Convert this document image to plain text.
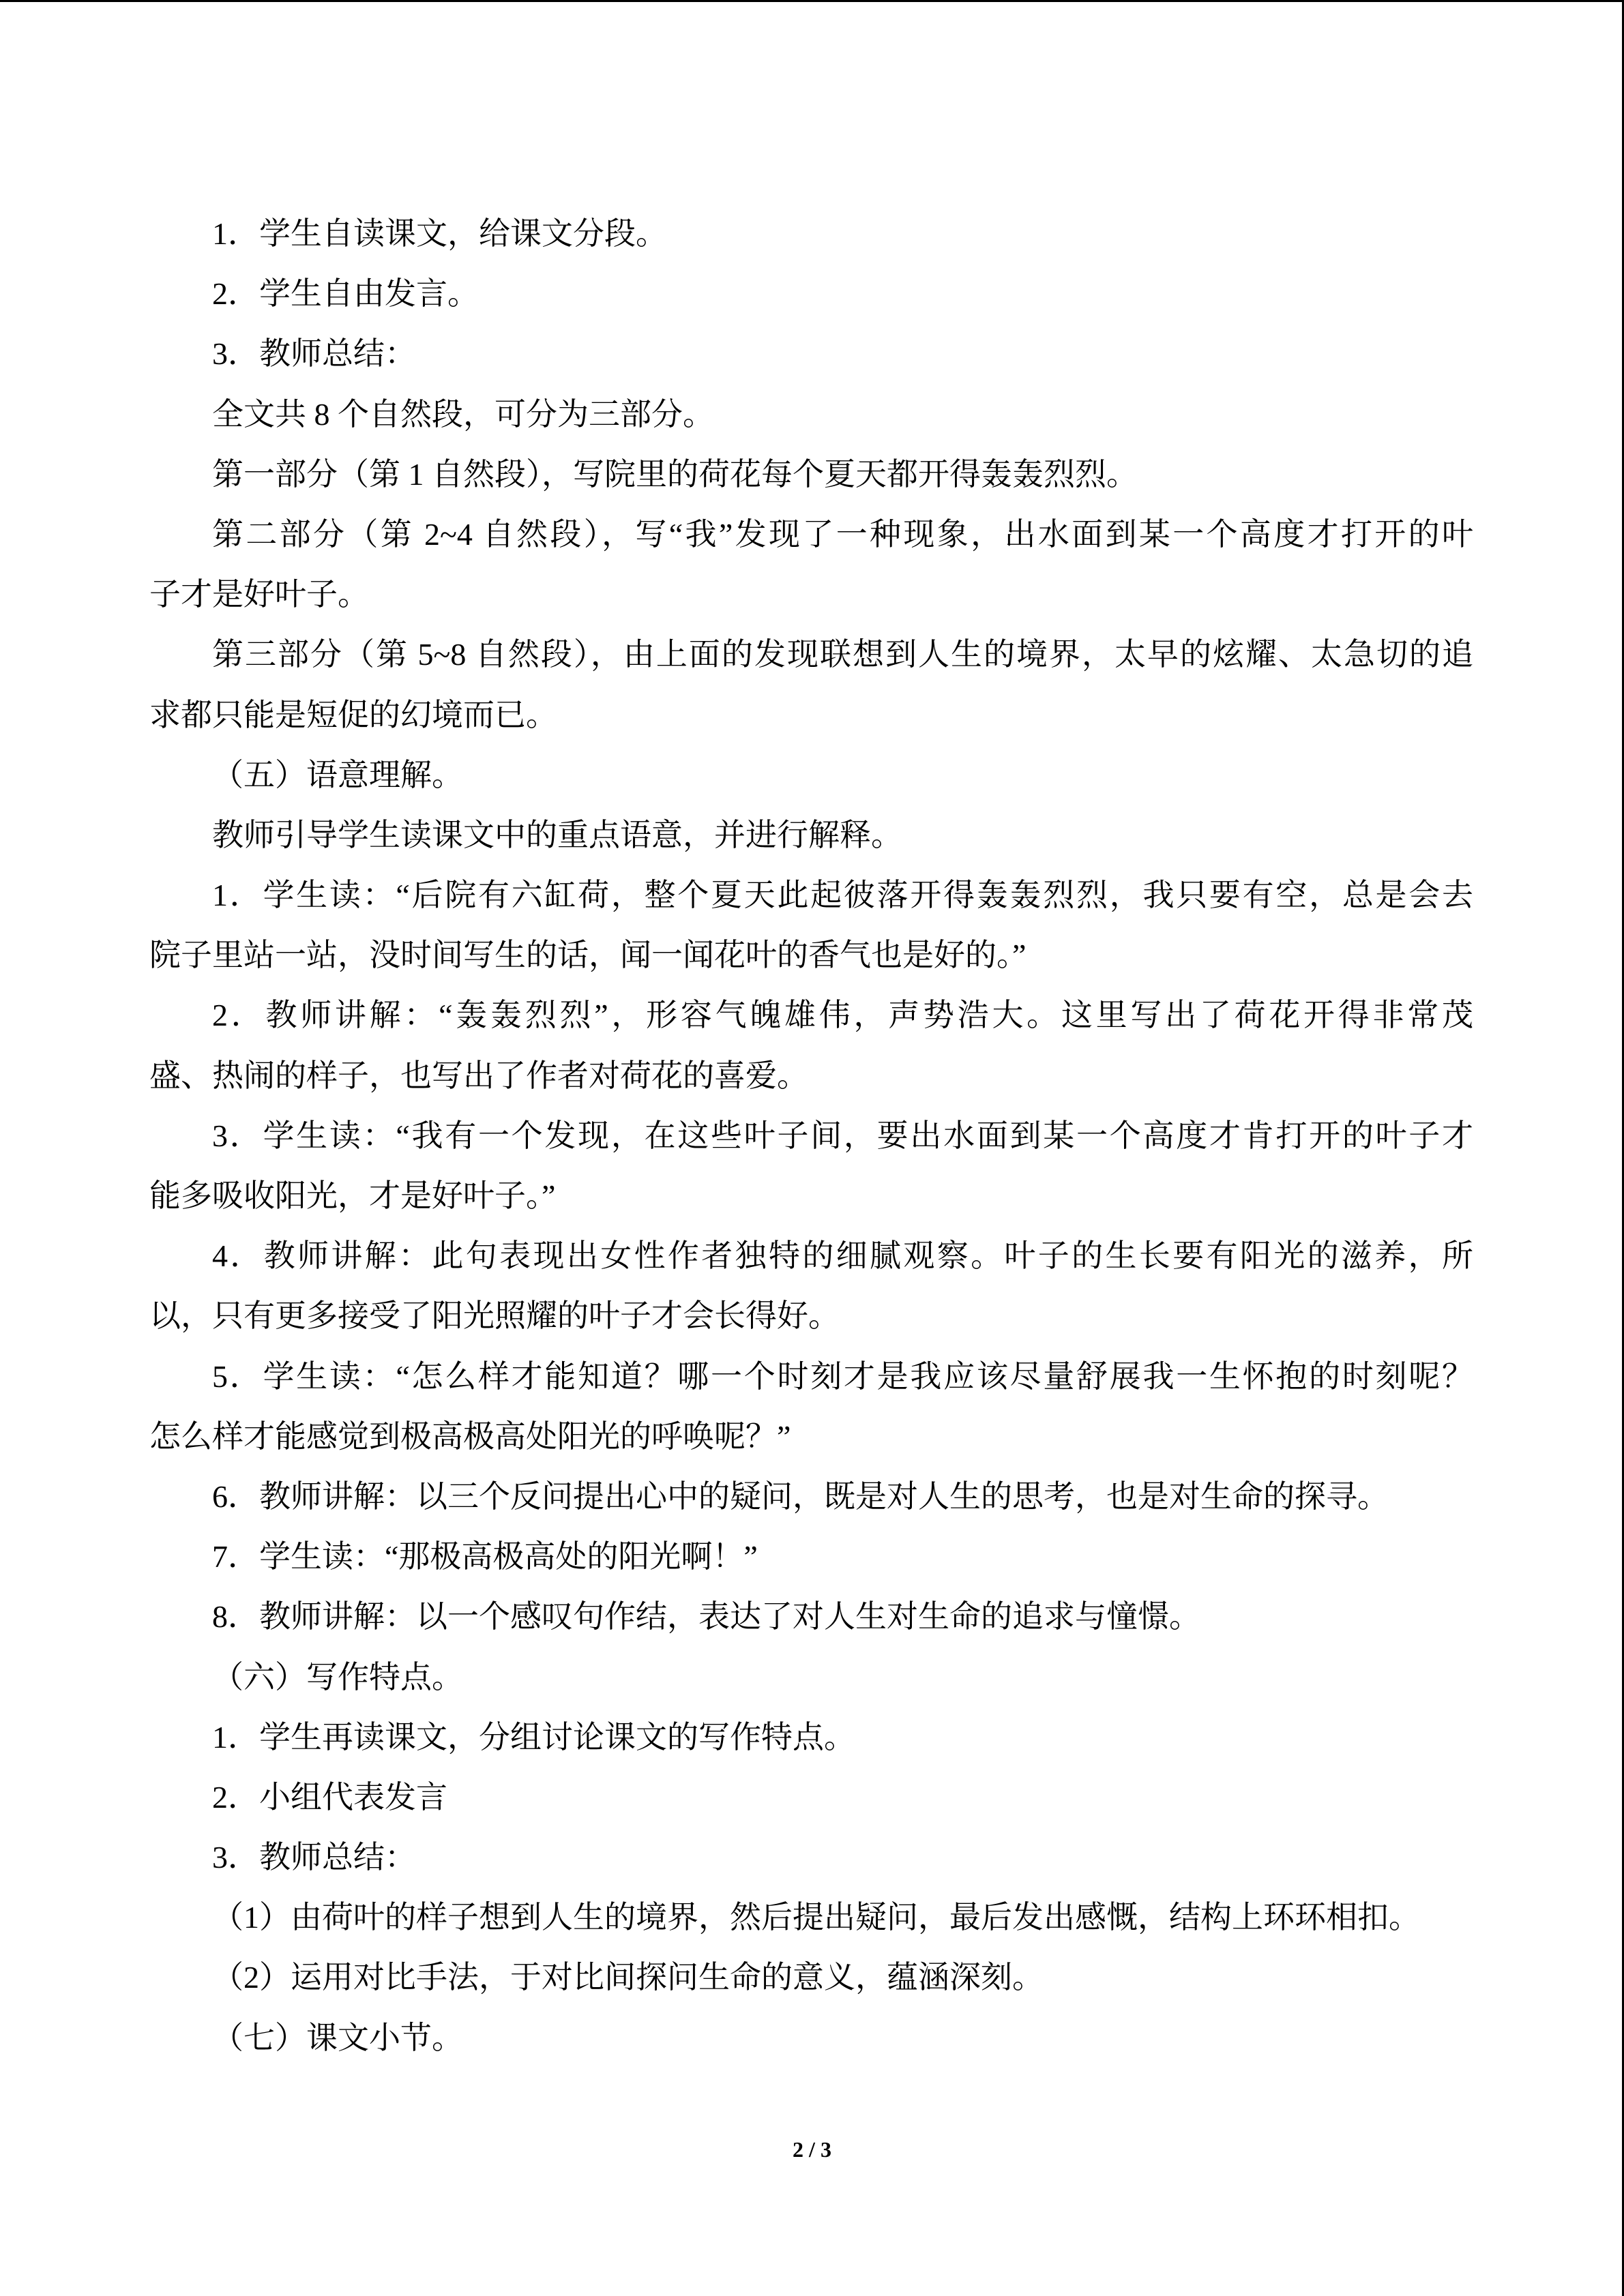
1．学生自读课文，给课文分段。
2．学生自由发言。
3．教师总结：
全文共 8 个自然段，可分为三部分。
第一部分（第 1 自然段），写院里的荷花每个夏天都开得轰轰烈烈。
第二部分（第 2~4 自然段），写“我”发现了一种现象，出水面到某一个高度才打开的叶
子才是好叶子。
第三部分（第 5~8 自然段），由上面的发现联想到人生的境界，太早的炫耀、太急切的追
求都只能是短促的幻境而已。
（五）语意理解。
教师引导学生读课文中的重点语意，并进行解释。
1．学生读：“后院有六缸荷，整个夏天此起彼落开得轰轰烈烈，我只要有空，总是会去
院子里站一站，没时间写生的话，闻一闻花叶的香气也是好的。”
2．教师讲解：“轰轰烈烈”，形容气魄雄伟，声势浩大。这里写出了荷花开得非常茂
盛、热闹的样子，也写出了作者对荷花的喜爱。
3．学生读：“我有一个发现，在这些叶子间，要出水面到某一个高度才肯打开的叶子才
能多吸收阳光，才是好叶子。”
4．教师讲解：此句表现出女性作者独特的细腻观察。叶子的生长要有阳光的滋养，所
以，只有更多接受了阳光照耀的叶子才会长得好。
5．学生读：“怎么样才能知道？哪一个时刻才是我应该尽量舒展我一生怀抱的时刻呢？
怎么样才能感觉到极高极高处阳光的呼唤呢？”
6．教师讲解：以三个反问提出心中的疑问，既是对人生的思考，也是对生命的探寻。
7．学生读：“那极高极高处的阳光啊！”
8．教师讲解：以一个感叹句作结，表达了对人生对生命的追求与憧憬。
（六）写作特点。
1．学生再读课文，分组讨论课文的写作特点。
2．小组代表发言
3．教师总结：
（1）由荷叶的样子想到人生的境界，然后提出疑问，最后发出感慨，结构上环环相扣。
（2）运用对比手法，于对比间探问生命的意义，蕴涵深刻。
（七）课文小节。
2 / 3
